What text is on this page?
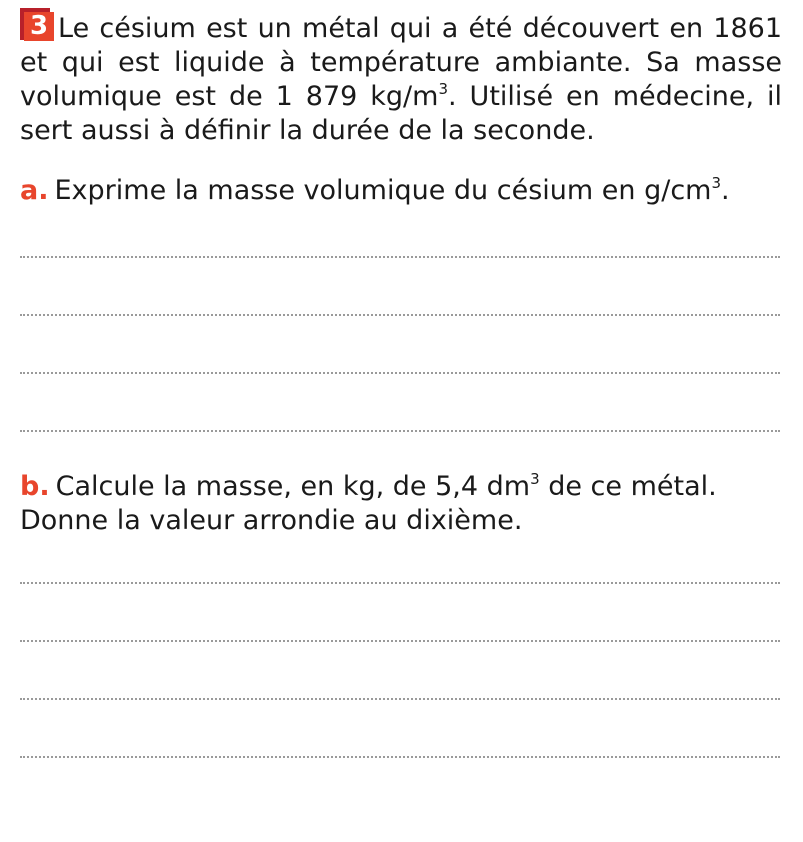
3 Le césium est un métal qui a été découvert en 1861 et qui est liquide à température ambiante. Sa masse volumique est de 1 879 $kg/m^3$. Utilisé en médecine, il sert aussi à définir la durée de la seconde.

a. Exprime la masse volumique du césium en $g/cm^3$.

b. Calcule la masse, en kg, de 5,4 $dm^3$ de ce métal. Donne la valeur arrondie au dixième.
